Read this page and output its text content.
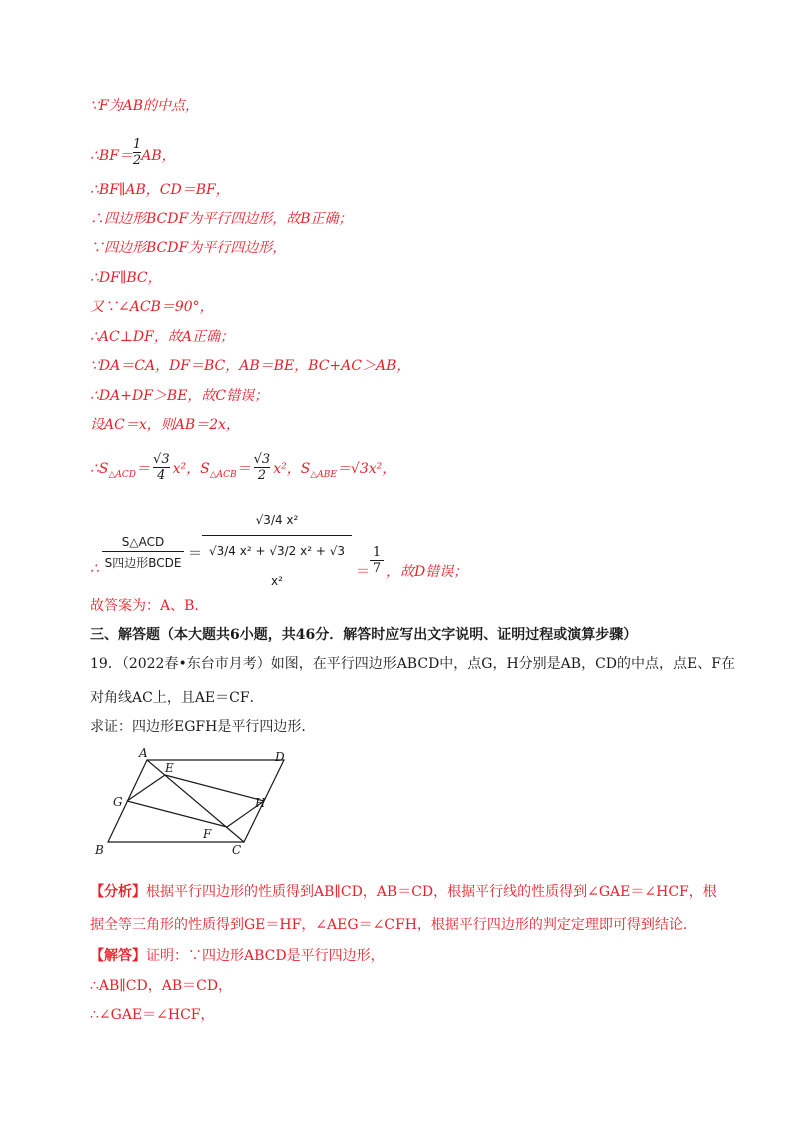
∵F为AB的中点，
∴BF＝ $\frac{1}{2}$ AB，
∴BF∥AB，CD＝BF，
∴四边形BCDF为平行四边形，故B正确；
∵四边形BCDF为平行四边形，
∴DF∥BC，
又∵∠ACB＝90°，
∴AC⊥DF，故A正确；
∵DA＝CA，DF＝BC，AB＝BE，BC+AC＞AB，
∴DA+DF＞BE，故C错误；
设AC＝x，则AB＝2x，
$\therefore S_{\triangle ACD}= \frac{√3}{4} x^2$，$S_{\triangle ACB}= \frac{√3}{2} x^2$，$S_{\triangle ABE}=√3x^2$，
∴
S△ACD
S四边形BCDE
＝
√3/4 x²
√3/4 x² + √3/2 x² + √3 x²
＝
1
7 ，故D错误；
故答案为：A、B．
三、解答题（本大题共6小题，共46分．解答时应写出文字说明、证明过程或演算步骤）
19．（2022春•东台市月考）如图，在平行四边形ABCD中，点G，H分别是AB，CD的中点，点E、F在
对角线AC上，且AE＝CF．
求证：四边形EGFH是平行四边形．
A	D
E
G	H
F
B	C
【分析】根据平行四边形的性质得到AB∥CD，AB＝CD，根据平行线的性质得到∠GAE＝∠HCF，根
据全等三角形的性质得到GE＝HF，∠AEG＝∠CFH，根据平行四边形的判定定理即可得到结论．
【解答】证明：∵四边形ABCD是平行四边形，
∴AB∥CD，AB＝CD，
∴∠GAE＝∠HCF，
